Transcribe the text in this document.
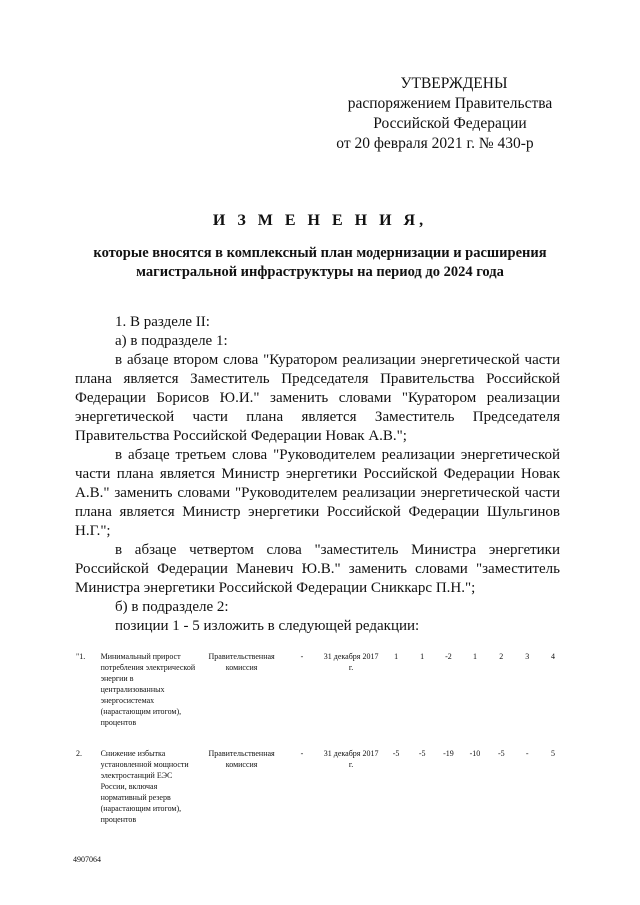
УТВЕРЖДЕНЫ
распоряжением Правительства
Российской Федерации
от 20 февраля 2021 г. № 430-р
И З М Е Н Е Н И Я,
которые вносятся в комплексный план модернизации и расширения магистральной инфраструктуры на период до 2024 года

1. В разделе II:

а) в подразделе 1:

в абзаце втором слова "Куратором реализации энергетической части плана является Заместитель Председателя Правительства Российской Федерации Борисов Ю.И." заменить словами "Куратором реализации энергетической части плана является Заместитель Председателя Правительства Российской Федерации Новак А.В.";

в абзаце третьем слова "Руководителем реализации энергетической части плана является Министр энергетики Российской Федерации Новак А.В." заменить словами "Руководителем реализации энергетической части плана является Министр энергетики Российской Федерации Шульгинов Н.Г.";

в абзаце четвертом слова "заместитель Министра энергетики Российской Федерации Маневич Ю.В." заменить словами "заместитель Министра энергетики Российской Федерации Сниккарс П.Н.";

б) в подразделе 2:

позиции 1 - 5 изложить в следующей редакции:

"1.	Минимальный прирост потребления электрической энергии в централизованных энергосистемах (нарастающим итогом), процентов	Правительственная комиссия	-	31 декабря 2017 г.	1	1	-2	1	2	3	4
2.	Снижение избытка установленной мощности электростанций ЕЭС России, включая нормативный резерв (нарастающим итогом), процентов	Правительственная комиссия	-	31 декабря 2017 г.	-5	-5	-19	-10	-5	-	5
4907064
